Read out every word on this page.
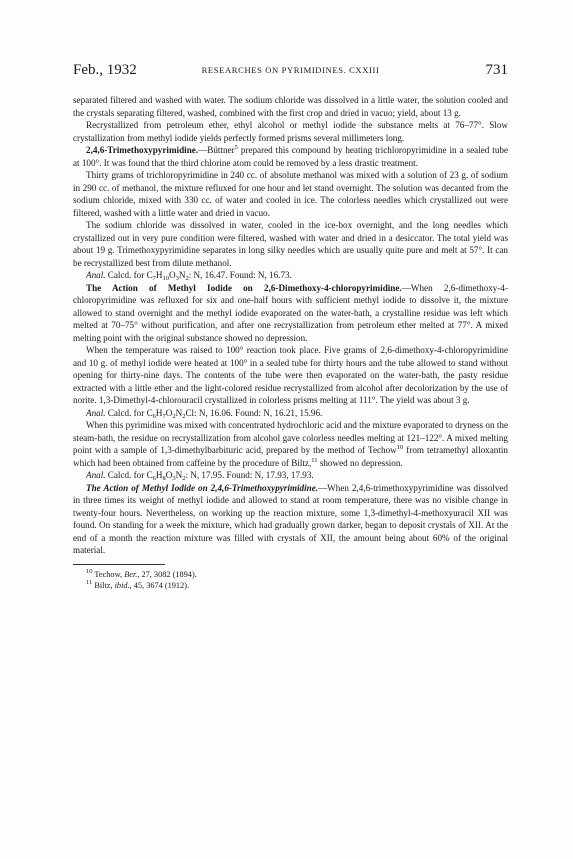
Feb., 1932	RESEARCHES ON PYRIMIDINES. CXXIII	731

separated filtered and washed with water. The sodium chloride was dissolved in a little water, the solution cooled and the crystals separating filtered, washed, combined with the first crop and dried in vacuo; yield, about 13 g.

Recrystallized from petroleum ether, ethyl alcohol or methyl iodide the substance melts at 76–77°. Slow crystallization from methyl iodide yields perfectly formed prisms several millimeters long.

2,4,6-Trimethoxypyrimidine.—Büttner$^5$ prepared this compound by heating trichloropyrimidine in a sealed tube at 100°. It was found that the third chlorine atom could be removed by a less drastic treatment.

Thirty grams of trichloropyrimidine in 240 cc. of absolute methanol was mixed with a solution of 23 g. of sodium in 290 cc. of methanol, the mixture refluxed for one hour and let stand overnight. The solution was decanted from the sodium chloride, mixed with 330 cc. of water and cooled in ice. The colorless needles which crystallized out were filtered, washed with a little water and dried in vacuo.

The sodium chloride was dissolved in water, cooled in the ice-box overnight, and the long needles which crystallized out in very pure condition were filtered, washed with water and dried in a desiccator. The total yield was about 19 g. Trimethoxypyrimidine separates in long silky needles which are usually quite pure and melt at 57°. It can be recrystallized best from dilute methanol.

Anal. Calcd. for $C_7H_{10}O_3N_2$: N, 16.47. Found: N, 16.73.

The Action of Methyl Iodide on 2,6-Dimethoxy-4-chloropyrimidine.—When 2,6-dimethoxy-4-chloropyrimidine was refluxed for six and one-half hours with sufficient methyl iodide to dissolve it, the mixture allowed to stand overnight and the methyl iodide evaporated on the water-bath, a crystalline residue was left which melted at 70–75° without purification, and after one recrystallization from petroleum ether melted at 77°. A mixed melting point with the original substance showed no depression.

When the temperature was raised to 100° reaction took place. Five grams of 2,6-dimethoxy-4-chloropyrimidine and 10 g. of methyl iodide were heated at 100° in a sealed tube for thirty hours and the tube allowed to stand without opening for thirty-nine days. The contents of the tube were then evaporated on the water-bath, the pasty residue extracted with a little ether and the light-colored residue recrystallized from alcohol after decolorization by the use of norite. 1,3-Dimethyl-4-chlorouracil crystallized in colorless prisms melting at 111°. The yield was about 3 g.

Anal. Calcd. for $C_6H_7O_2N_2Cl$: N, 16.06. Found: N, 16.21, 15.96.

When this pyrimidine was mixed with concentrated hydrochloric acid and the mixture evaporated to dryness on the steam-bath, the residue on recrystallization from alcohol gave colorless needles melting at 121–122°. A mixed melting point with a sample of 1,3-dimethylbarbituric acid, prepared by the method of Techow$^{10}$ from tetramethyl alloxantin which had been obtained from caffeine by the procedure of Biltz,$^{11}$ showed no depression.

Anal. Calcd. for $C_6H_8O_3N_2$: N, 17.95. Found: N, 17.93, 17.93.

The Action of Methyl Iodide on 2,4,6-Trimethoxypyrimidine.—When 2,4,6-trimethoxypyrimidine was dissolved in three times its weight of methyl iodide and allowed to stand at room temperature, there was no visible change in twenty-four hours. Nevertheless, on working up the reaction mixture, some 1,3-dimethyl-4-methoxyuracil XII was found. On standing for a week the mixture, which had gradually grown darker, began to deposit crystals of XII. At the end of a month the reaction mixture was filled with crystals of XII, the amount being about 60% of the original material.

$^{10}$ Techow, Ber., 27, 3082 (1894).
$^{11}$ Biltz, ibid., 45, 3674 (1912).
